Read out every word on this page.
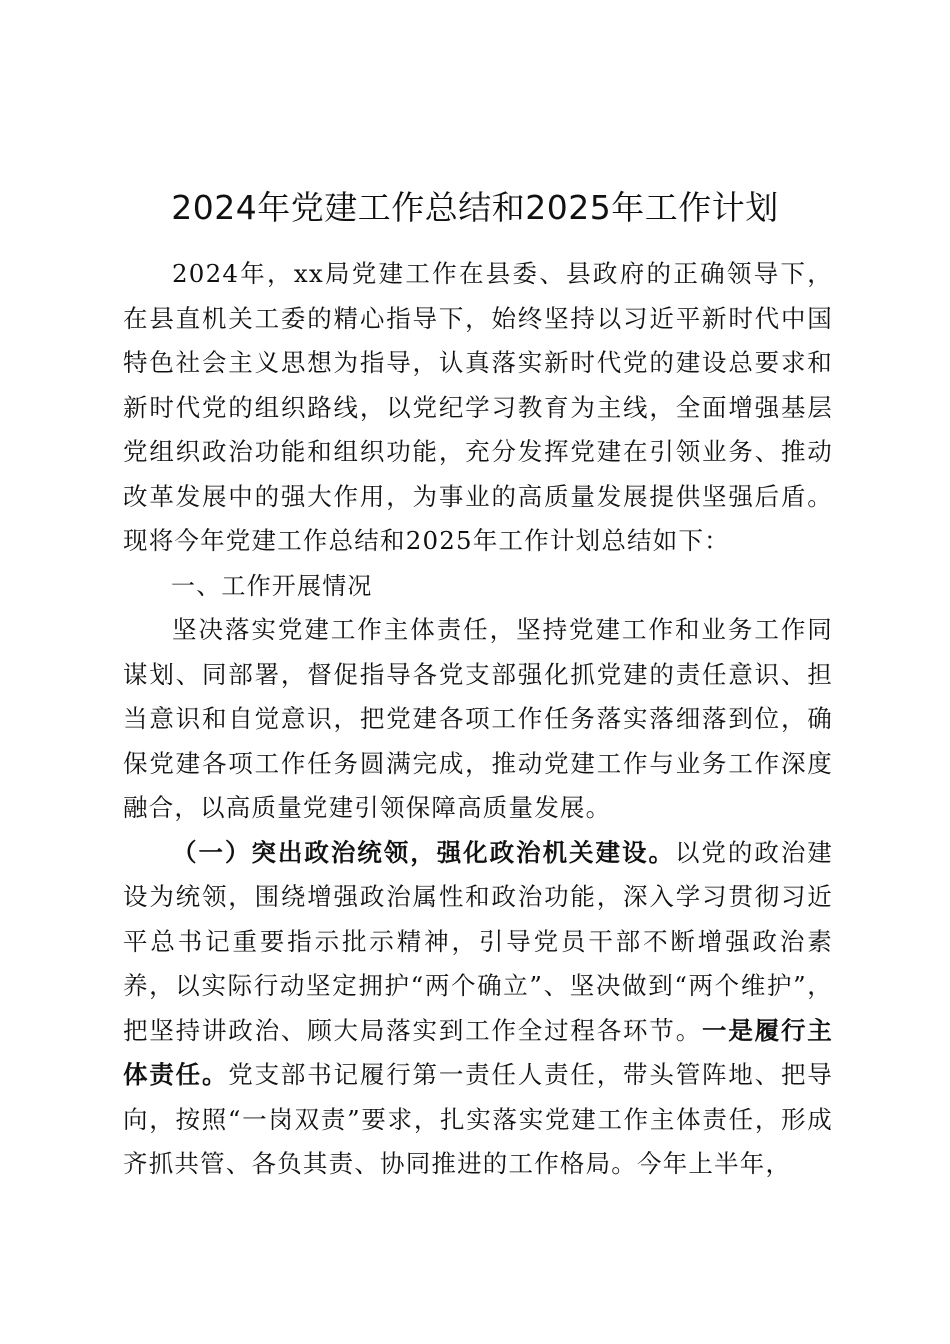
2024年党建工作总结和2025年工作计划

2024年，xx局党建工作在县委、县政府的正确领导下，在县直机关工委的精心指导下，始终坚持以习近平新时代中国特色社会主义思想为指导，认真落实新时代党的建设总要求和新时代党的组织路线，以党纪学习教育为主线，全面增强基层党组织政治功能和组织功能，充分发挥党建在引领业务、推动改革发展中的强大作用，为事业的高质量发展提供坚强后盾。现将今年党建工作总结和2025年工作计划总结如下：

一、工作开展情况

坚决落实党建工作主体责任，坚持党建工作和业务工作同谋划、同部署，督促指导各党支部强化抓党建的责任意识、担当意识和自觉意识，把党建各项工作任务落实落细落到位，确保党建各项工作任务圆满完成，推动党建工作与业务工作深度融合，以高质量党建引领保障高质量发展。

（一）突出政治统领，强化政治机关建设。以党的政治建设为统领，围绕增强政治属性和政治功能，深入学习贯彻习近平总书记重要指示批示精神，引导党员干部不断增强政治素养，以实际行动坚定拥护“两个确立”、坚决做到“两个维护”，把坚持讲政治、顾大局落实到工作全过程各环节。一是履行主体责任。党支部书记履行第一责任人责任，带头管阵地、把导向，按照“一岗双责”要求，扎实落实党建工作主体责任，形成齐抓共管、各负其责、协同推进的工作格局。今年上半年，
